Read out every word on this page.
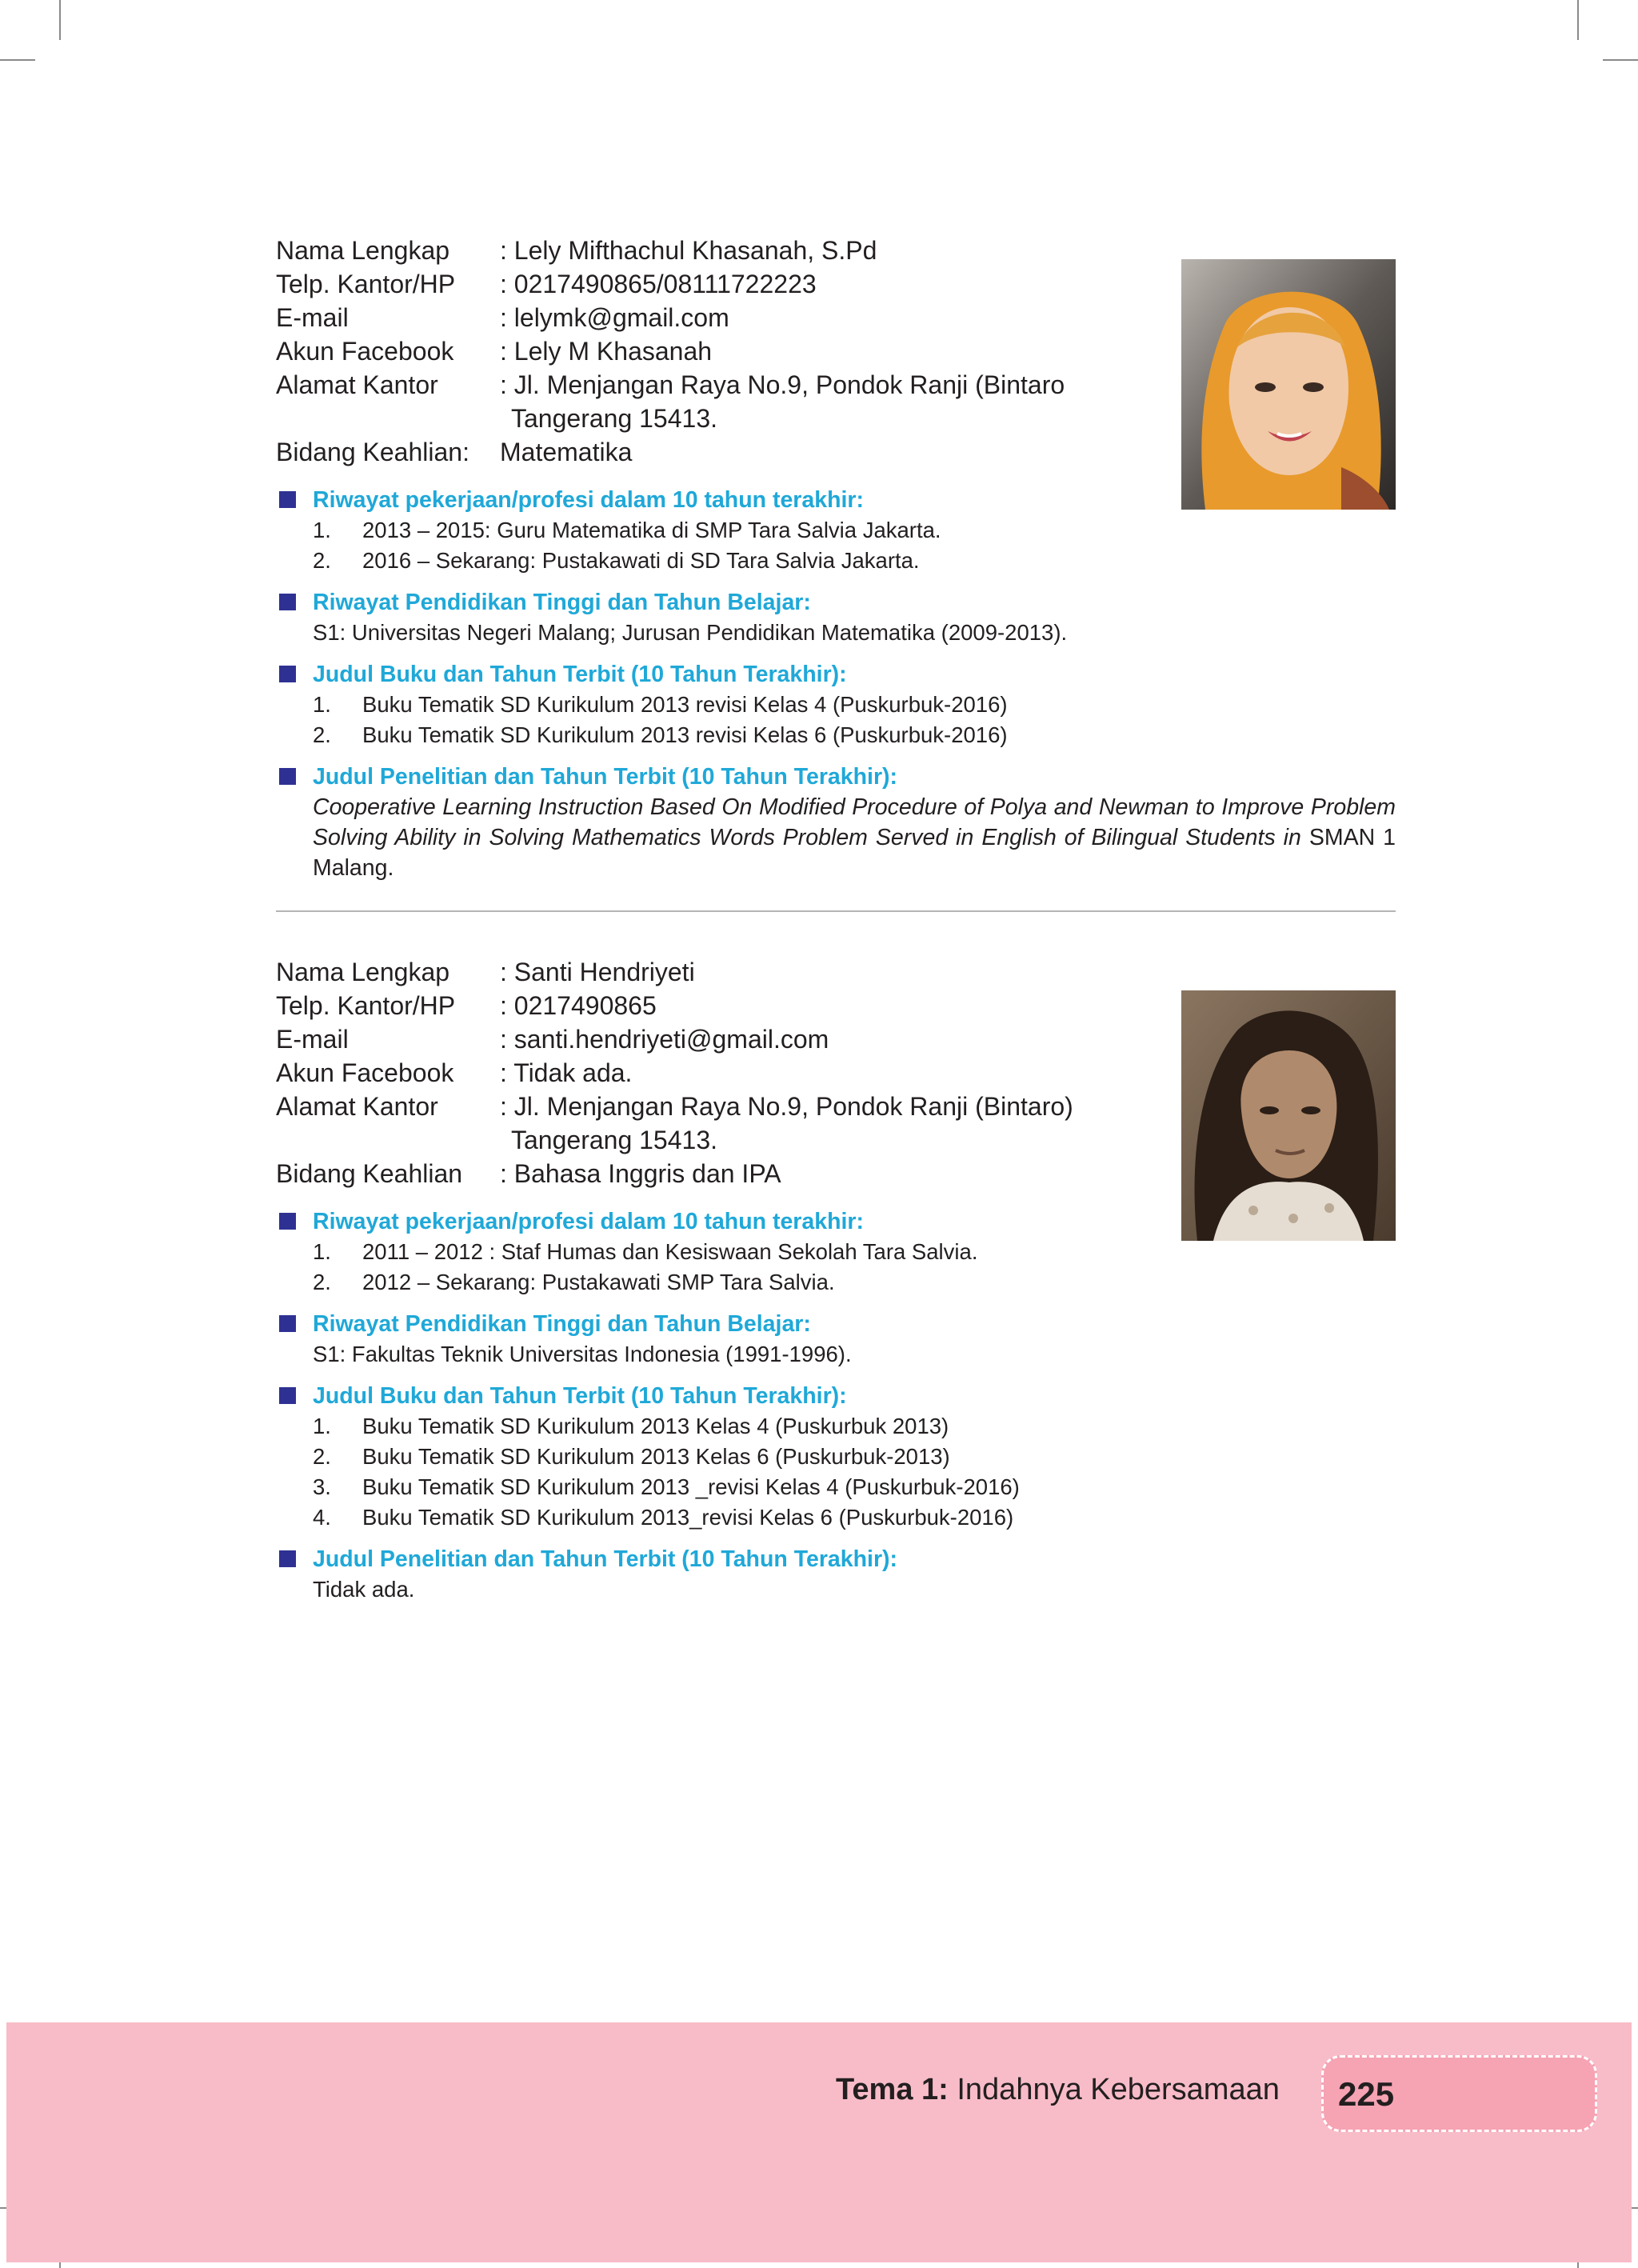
Nama Lengkap	: Lely Mifthachul Khasanah, S.Pd
Telp. Kantor/HP	: 0217490865/08111722223
E-mail	: lelymk@gmail.com
Akun Facebook	: Lely M Khasanah
Alamat Kantor	: Jl. Menjangan Raya No.9, Pondok Ranji (Bintaro
Tangerang 15413.
Bidang Keahlian:	Matematika
Riwayat pekerjaan/profesi dalam 10 tahun terakhir:
1.	2013 – 2015: Guru Matematika di SMP Tara Salvia Jakarta.
2.	2016 – Sekarang: Pustakawati di SD Tara Salvia Jakarta.
Riwayat Pendidikan Tinggi dan Tahun Belajar:
S1: Universitas Negeri Malang; Jurusan Pendidikan Matematika (2009-2013).
Judul Buku dan Tahun Terbit (10 Tahun Terakhir):
1.	Buku Tematik SD Kurikulum 2013 revisi Kelas 4 (Puskurbuk-2016)
2.	Buku Tematik SD Kurikulum 2013 revisi Kelas 6 (Puskurbuk-2016)
Judul Penelitian dan Tahun Terbit (10 Tahun Terakhir):

Cooperative Learning Instruction Based On Modified Procedure of Polya and Newman to Improve Problem Solving Ability in Solving Mathematics Words Problem Served in English of Bilingual Students in SMAN 1 Malang.

Nama Lengkap	: Santi Hendriyeti
Telp. Kantor/HP	: 0217490865
E-mail	: santi.hendriyeti@gmail.com
Akun Facebook	: Tidak ada.
Alamat Kantor	: Jl. Menjangan Raya No.9, Pondok Ranji (Bintaro)
Tangerang 15413.
Bidang Keahlian	: Bahasa Inggris dan IPA
Riwayat pekerjaan/profesi dalam 10 tahun terakhir:
1.	2011 – 2012 : Staf Humas dan Kesiswaan Sekolah Tara Salvia.
2.	2012 – Sekarang: Pustakawati SMP Tara Salvia.
Riwayat Pendidikan Tinggi dan Tahun Belajar:
S1: Fakultas Teknik Universitas Indonesia (1991-1996).
Judul Buku dan Tahun Terbit (10 Tahun Terakhir):
1.	Buku Tematik SD Kurikulum 2013 Kelas 4 (Puskurbuk 2013)
2.	Buku Tematik SD Kurikulum 2013 Kelas 6 (Puskurbuk-2013)
3.	Buku Tematik SD Kurikulum 2013 _revisi Kelas 4 (Puskurbuk-2016)
4.	Buku Tematik SD Kurikulum 2013_revisi Kelas 6 (Puskurbuk-2016)
Judul Penelitian dan Tahun Terbit (10 Tahun Terakhir):
Tidak ada.
Tema 1: Indahnya Kebersamaan 225
